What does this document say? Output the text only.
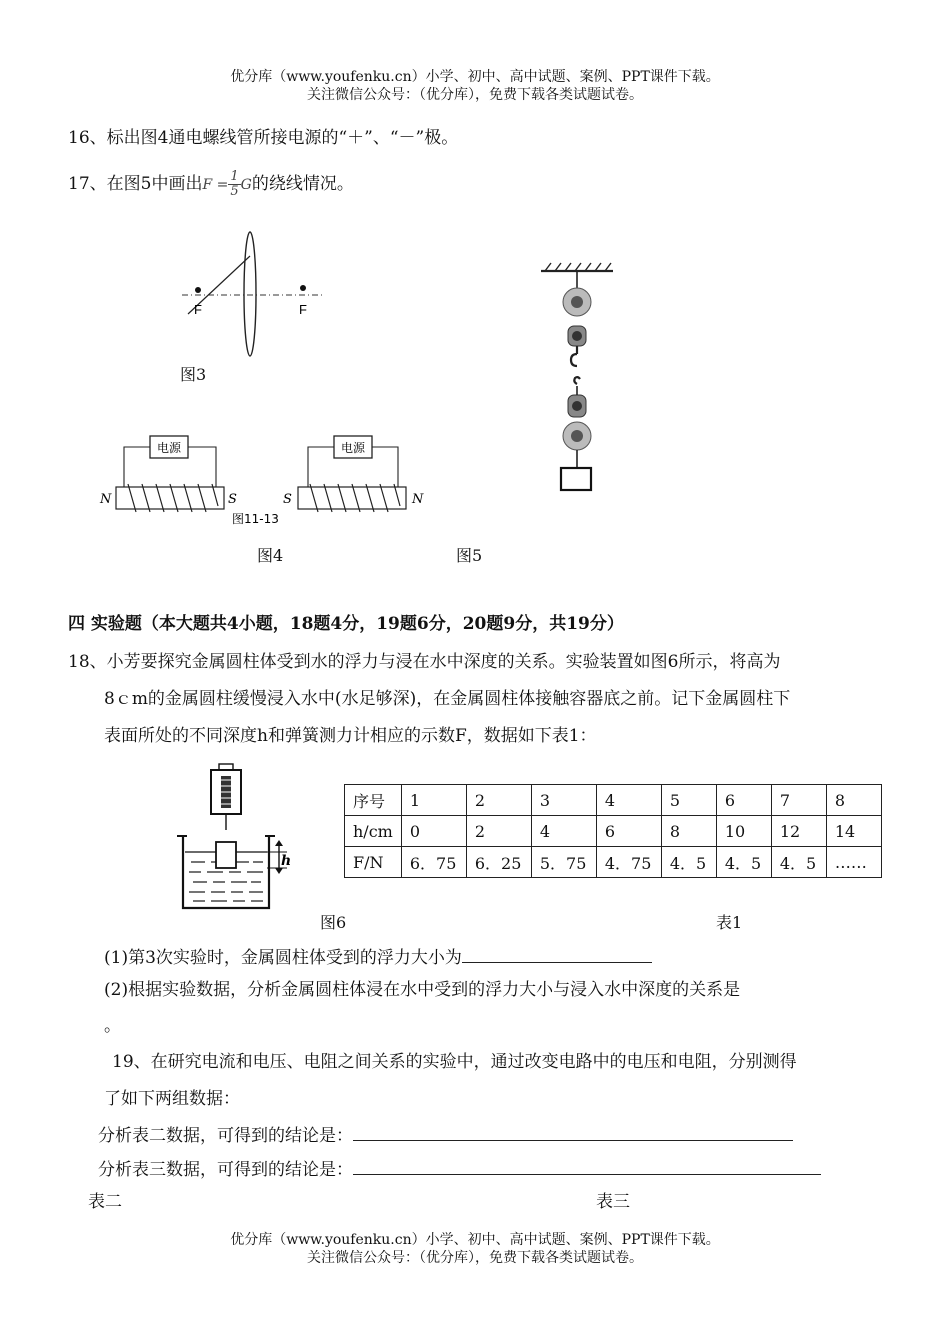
优分库（www.youfenku.cn）小学、初中、高中试题、案例、PPT课件下载。
关注微信公众号：（优分库），免费下载各类试题试卷。
16、标出图4通电螺线管所接电源的“＋”、“－”极。
17、在图5中画出$F = \frac{1}{5}$ G的绕线情况。
F	F
图3
电源
N	S
图11-13
电源
S	N
图4	图5
四 实验题（本大题共4小题，18题4分，19题6分，20题9分，共19分）
18、小芳要探究金属圆柱体受到水的浮力与浸在水中深度的关系。实验装置如图6所示，将高为
8ｃm的金属圆柱缓慢浸入水中(水足够深)，在金属圆柱体接触容器底之前。记下金属圆柱下
表面所处的不同深度h和弹簧测力计相应的示数F，数据如下表1：
h
序号	1	2	3	4	5	6	7	8
h/cm	0	2	4	6	8	10	12	14
F/N	6．75	6．25	5．75	4．75	4．5	4．5	4．5	……
图6	表1
(1)第3次实验时，金属圆柱体受到的浮力大小为
(2)根据实验数据，分析金属圆柱体浸在水中受到的浮力大小与浸入水中深度的关系是
。
19、在研究电流和电压、电阻之间关系的实验中，通过改变电路中的电压和电阻，分别测得
了如下两组数据：
分析表二数据，可得到的结论是：
分析表三数据，可得到的结论是：
表二	表三
优分库（www.youfenku.cn）小学、初中、高中试题、案例、PPT课件下载。
关注微信公众号：（优分库），免费下载各类试题试卷。
